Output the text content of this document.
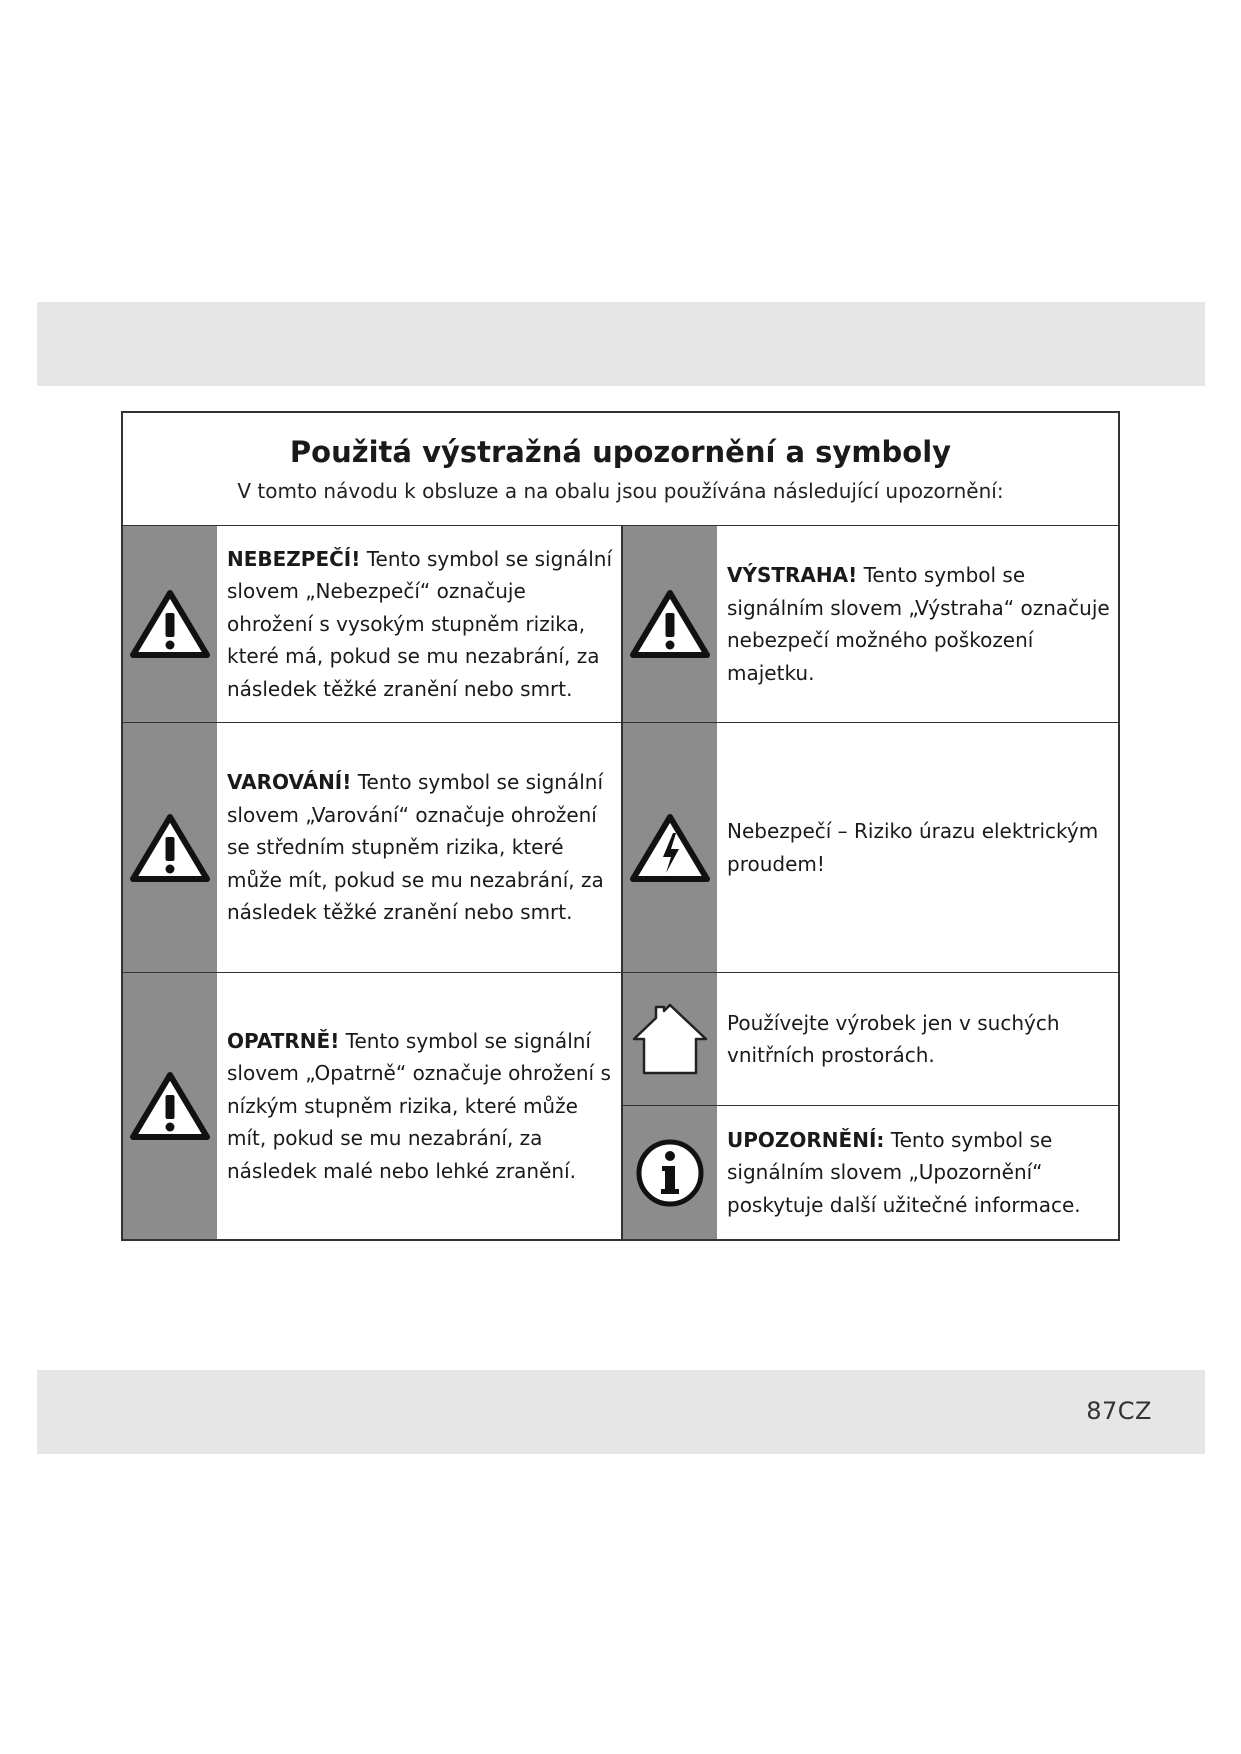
Použitá výstražná upozornění a symboly
V tomto návodu k obsluze a na obalu jsou používána následující upozornění:

NEBEZPEČÍ! Tento symbol se signální slovem „Nebezpečí“ označuje ohrožení s vysokým stupněm rizika, které má, pokud se mu nezabrání, za následek těžké zranění nebo smrt.

VÝSTRAHA! Tento symbol se signálním slovem „Výstraha“ označuje nebezpečí možného poškození majetku.

VAROVÁNÍ! Tento symbol se signální slovem „Varování“ označuje ohrožení se středním stupněm rizika, které může mít, pokud se mu nezabrání, za následek těžké zranění nebo smrt.

Nebezpečí – Riziko úrazu elektrickým proudem!

OPATRNĚ! Tento symbol se signální slovem „Opatrně“ označuje ohrožení s nízkým stupněm rizika, které může mít, pokud se mu nezabrání, za následek malé nebo lehké zranění.

Používejte výrobek jen v suchých vnitřních prostorách.

UPOZORNĚNÍ: Tento symbol se signálním slovem „Upozornění“ poskytuje další užitečné informace.

87CZ
